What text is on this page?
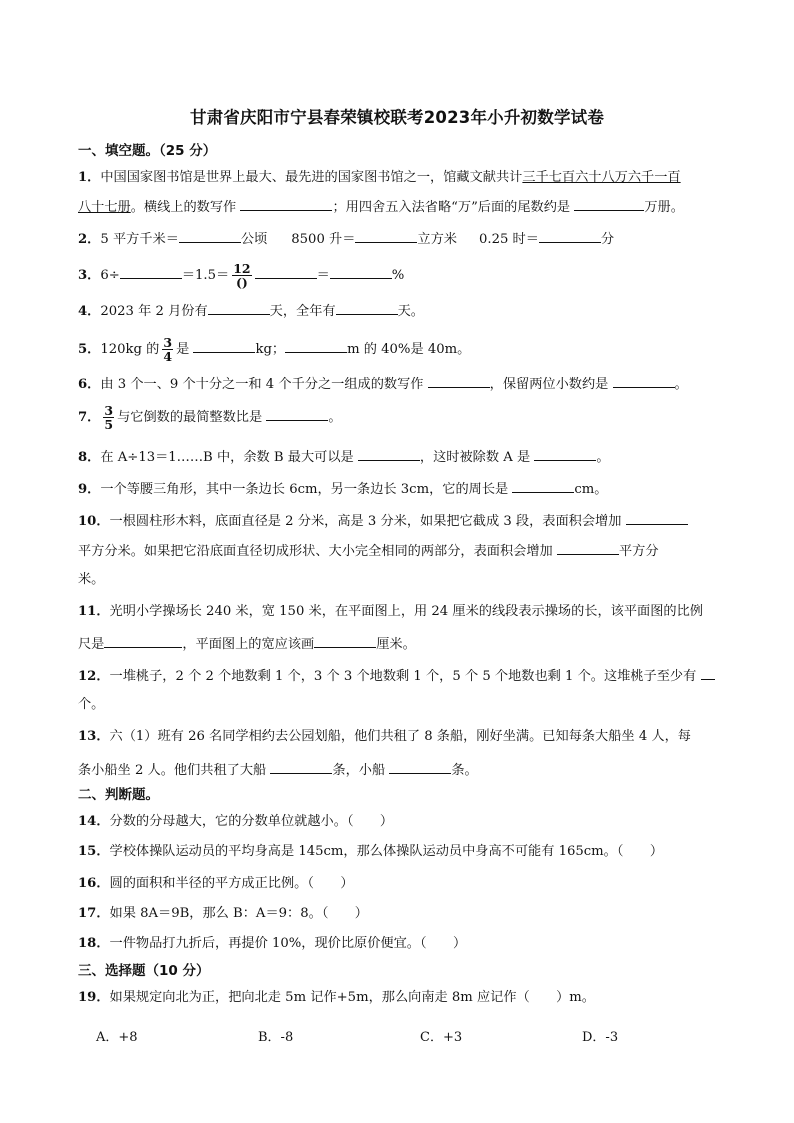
甘肃省庆阳市宁县春荣镇校联考2023年小升初数学试卷
一、填空题。（25 分）
1．中国国家图书馆是世界上最大、最先进的国家图书馆之一，馆藏文献共计三千七百六十八万六千一百
八十七册。横线上的数写作	；用四舍五入法省略“万”后面的尾数约是	万册。
2．5 平方千米＝	公顷 8500 升＝	立方米 0.25 时＝	分
3．6÷	$=1.5= \frac{12}{()}$	＝	%
4．2023 年 2 月份有	天，全年有	天。
5．120kg 的 $\frac{3}{4}$ 是	kg；	m 的 40%是 40m。
6．由 3 个一、9 个十分之一和 4 个千分之一组成的数写作	，保留两位小数约是	。
7． $\frac{3}{5}$ 与它倒数的最简整数比是	。
8．在 A÷13＝1……B 中，余数 B 最大可以是	，这时被除数 A 是	。
9．一个等腰三角形，其中一条边长 6cm，另一条边长 3cm，它的周长是	cm。
10．一根圆柱形木料，底面直径是 2 分米，高是 3 分米，如果把它截成 3 段，表面积会增加
平方分米。如果把它沿底面直径切成形状、大小完全相同的两部分，表面积会增加	平方分
米。
11．光明小学操场长 240 米，宽 150 米，在平面图上，用 24 厘米的线段表示操场的长，该平面图的比例
尺是	，平面图上的宽应该画	厘米。
12．一堆桃子，2 个 2 个地数剩 1 个，3 个 3 个地数剩 1 个，5 个 5 个地数也剩 1 个。这堆桃子至少有
个。
13．六（1）班有 26 名同学相约去公园划船，他们共租了 8 条船，刚好坐满。已知每条大船坐 4 人，每
条小船坐 2 人。他们共租了大船	条，小船	条。
二、判断题。
14．分数的分母越大，它的分数单位就越小。（　　）
15．学校体操队运动员的平均身高是 145cm，那么体操队运动员中身高不可能有 165cm。（　　）
16．圆的面积和半径的平方成正比例。（　　）
17．如果 8A＝9B，那么 B：A＝9：8。（　　）
18．一件物品打九折后，再提价 10%，现价比原价便宜。（　　）
三、选择题（10 分）
19．如果规定向北为正，把向北走 5m 记作+5m，那么向南走 8m 应记作（　　）m。
A．+8	B．-8	C．+3	D．-3
